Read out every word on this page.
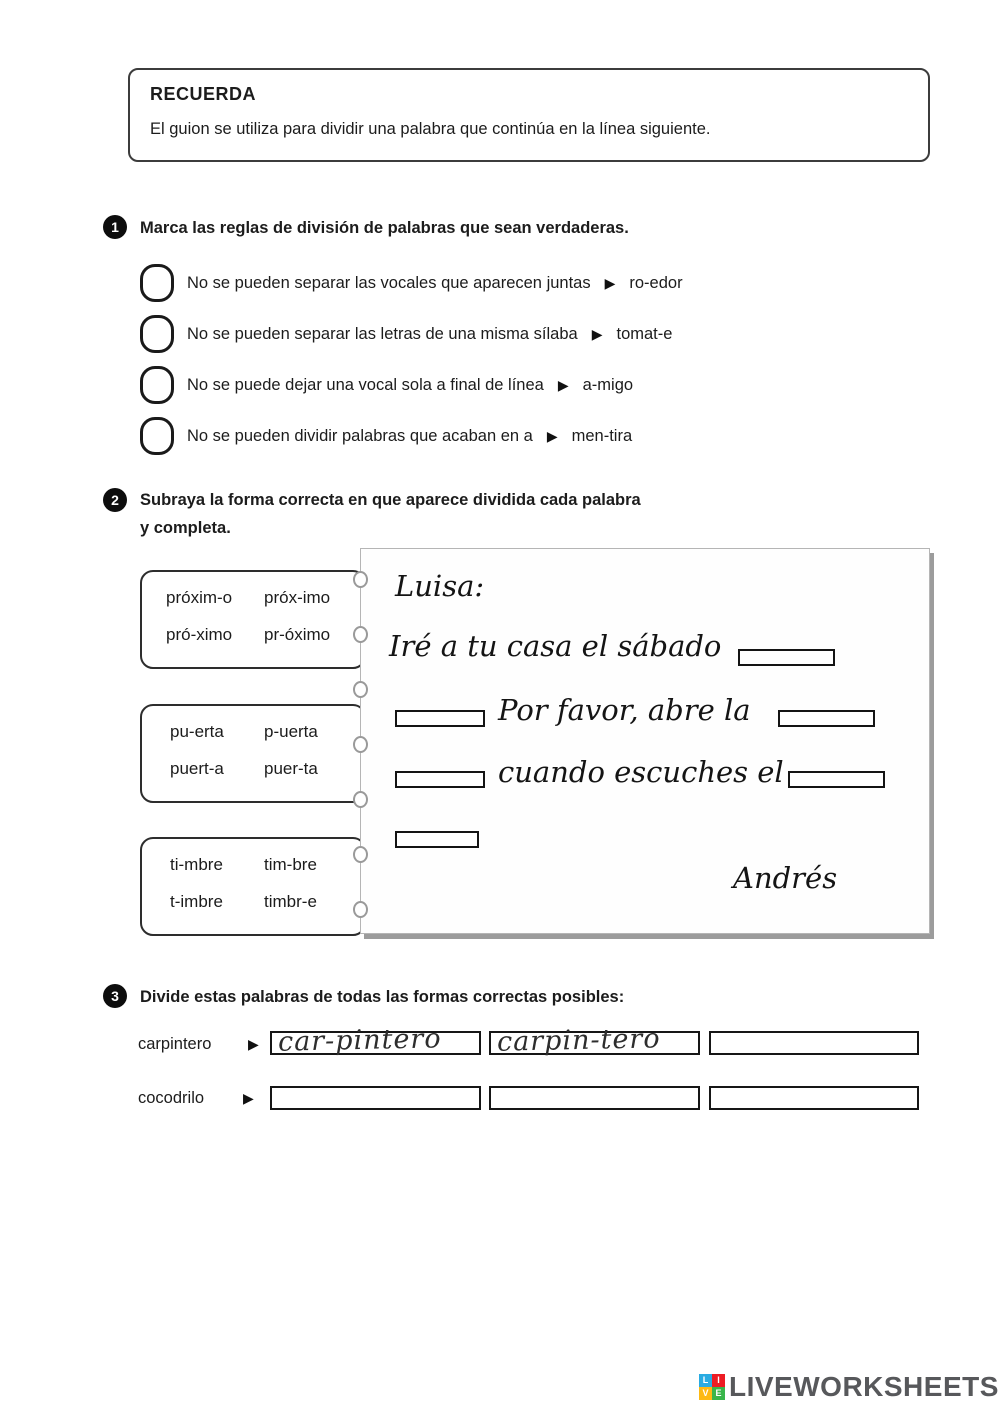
RECUERDA
El guion se utiliza para dividir una palabra que continúa en la línea siguiente.
1	Marca las reglas de división de palabras que sean verdaderas.
No se pueden separar las vocales que aparecen juntas ▶ ro-edor
No se pueden separar las letras de una misma sílaba ▶ tomat-e
No se puede dejar una vocal sola a final de línea ▶ a-migo
No se pueden dividir palabras que acaban en a ▶ men-tira
2	Subraya la forma correcta en que aparece dividida cada palabra
y completa.
próxim-o próx-imo
pró-ximo pr-óximo
pu-erta p-uerta
puert-a puer-ta
ti-mbre tim-bre
t-imbre timbr-e
Luisa:
Iré a tu casa el sábado
Por favor, abre la
cuando escuches el
Andrés
3	Divide estas palabras de todas las formas correctas posibles:
carpintero	▶ car-pintero carpin-tero
cocodrilo	▶
L I
V E LIVEWORKSHEETS
